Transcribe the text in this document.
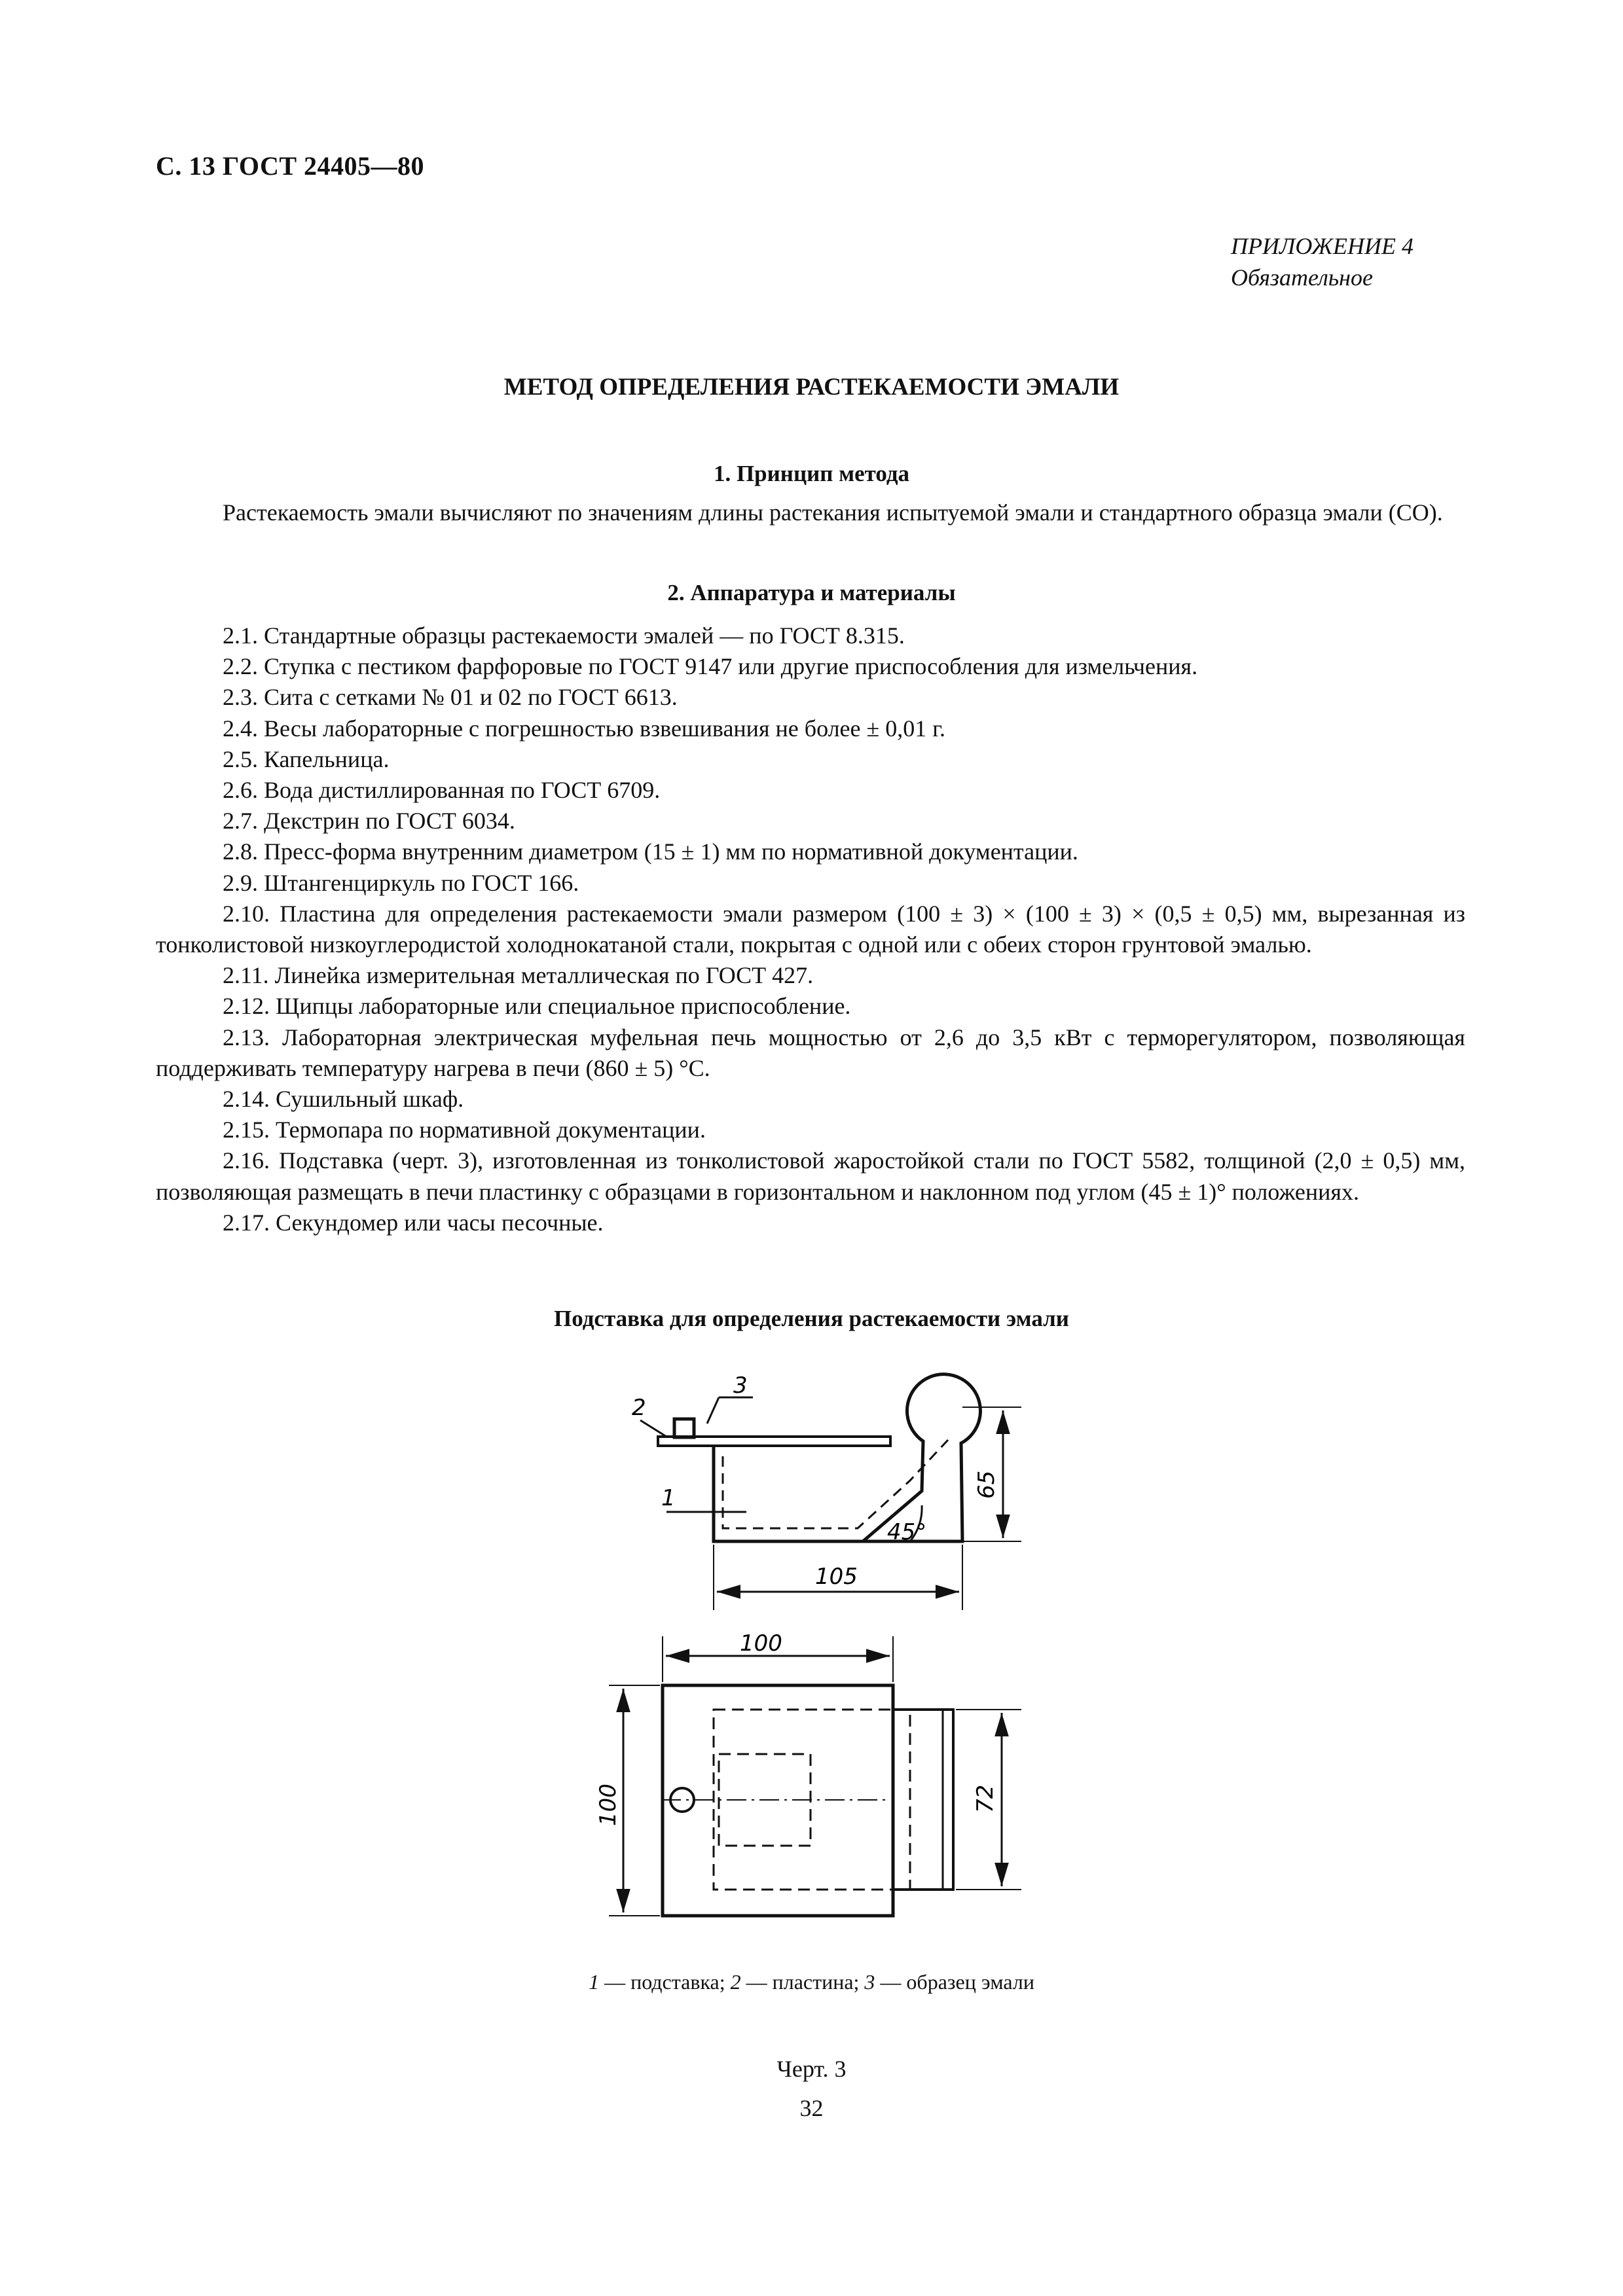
С. 13 ГОСТ 24405—80
ПРИЛОЖЕНИЕ 4
Обязательное
МЕТОД ОПРЕДЕЛЕНИЯ РАСТЕКАЕМОСТИ ЭМАЛИ
1. Принцип метода
Растекаемость эмали вычисляют по значениям длины растекания испытуемой эмали и стандартного образца эмали (СО).
2. Аппаратура и материалы
2.1. Стандартные образцы растекаемости эмалей — по ГОСТ 8.315.
2.2. Ступка с пестиком фарфоровые по ГОСТ 9147 или другие приспособления для измельчения.
2.3. Сита с сетками № 01 и 02 по ГОСТ 6613.
2.4. Весы лабораторные с погрешностью взвешивания не более ± 0,01 г.
2.5. Капельница.
2.6. Вода дистиллированная по ГОСТ 6709.
2.7. Декстрин по ГОСТ 6034.
2.8. Пресс-форма внутренним диаметром (15 ± 1) мм по нормативной документации.
2.9. Штангенциркуль по ГОСТ 166.
2.10. Пластина для определения растекаемости эмали размером (100 ± 3) × (100 ± 3) × (0,5 ± 0,5) мм, вырезанная из тонколистовой низкоуглеродистой холоднокатаной стали, покрытая с одной или с обеих сторон грунтовой эмалью.
2.11. Линейка измерительная металлическая по ГОСТ 427.
2.12. Щипцы лабораторные или специальное приспособление.
2.13. Лабораторная электрическая муфельная печь мощностью от 2,6 до 3,5 кВт с терморегулятором, позволяющая поддерживать температуру нагрева в печи (860 ± 5) °С.
2.14. Сушильный шкаф.
2.15. Термопара по нормативной документации.
2.16. Подставка (черт. 3), изготовленная из тонколистовой жаростойкой стали по ГОСТ 5582, толщиной (2,0 ± 0,5) мм, позволяющая размещать в печи пластинку с образцами в горизонтальном и наклонном под углом (45 ± 1)° положениях.
2.17. Секундомер или часы песочные.
Подставка для определения растекаемости эмали
2
3
1
45°
65
105
100
100	72
1 — подставка; 2 — пластина; 3 — образец эмали
Черт. 3
32
